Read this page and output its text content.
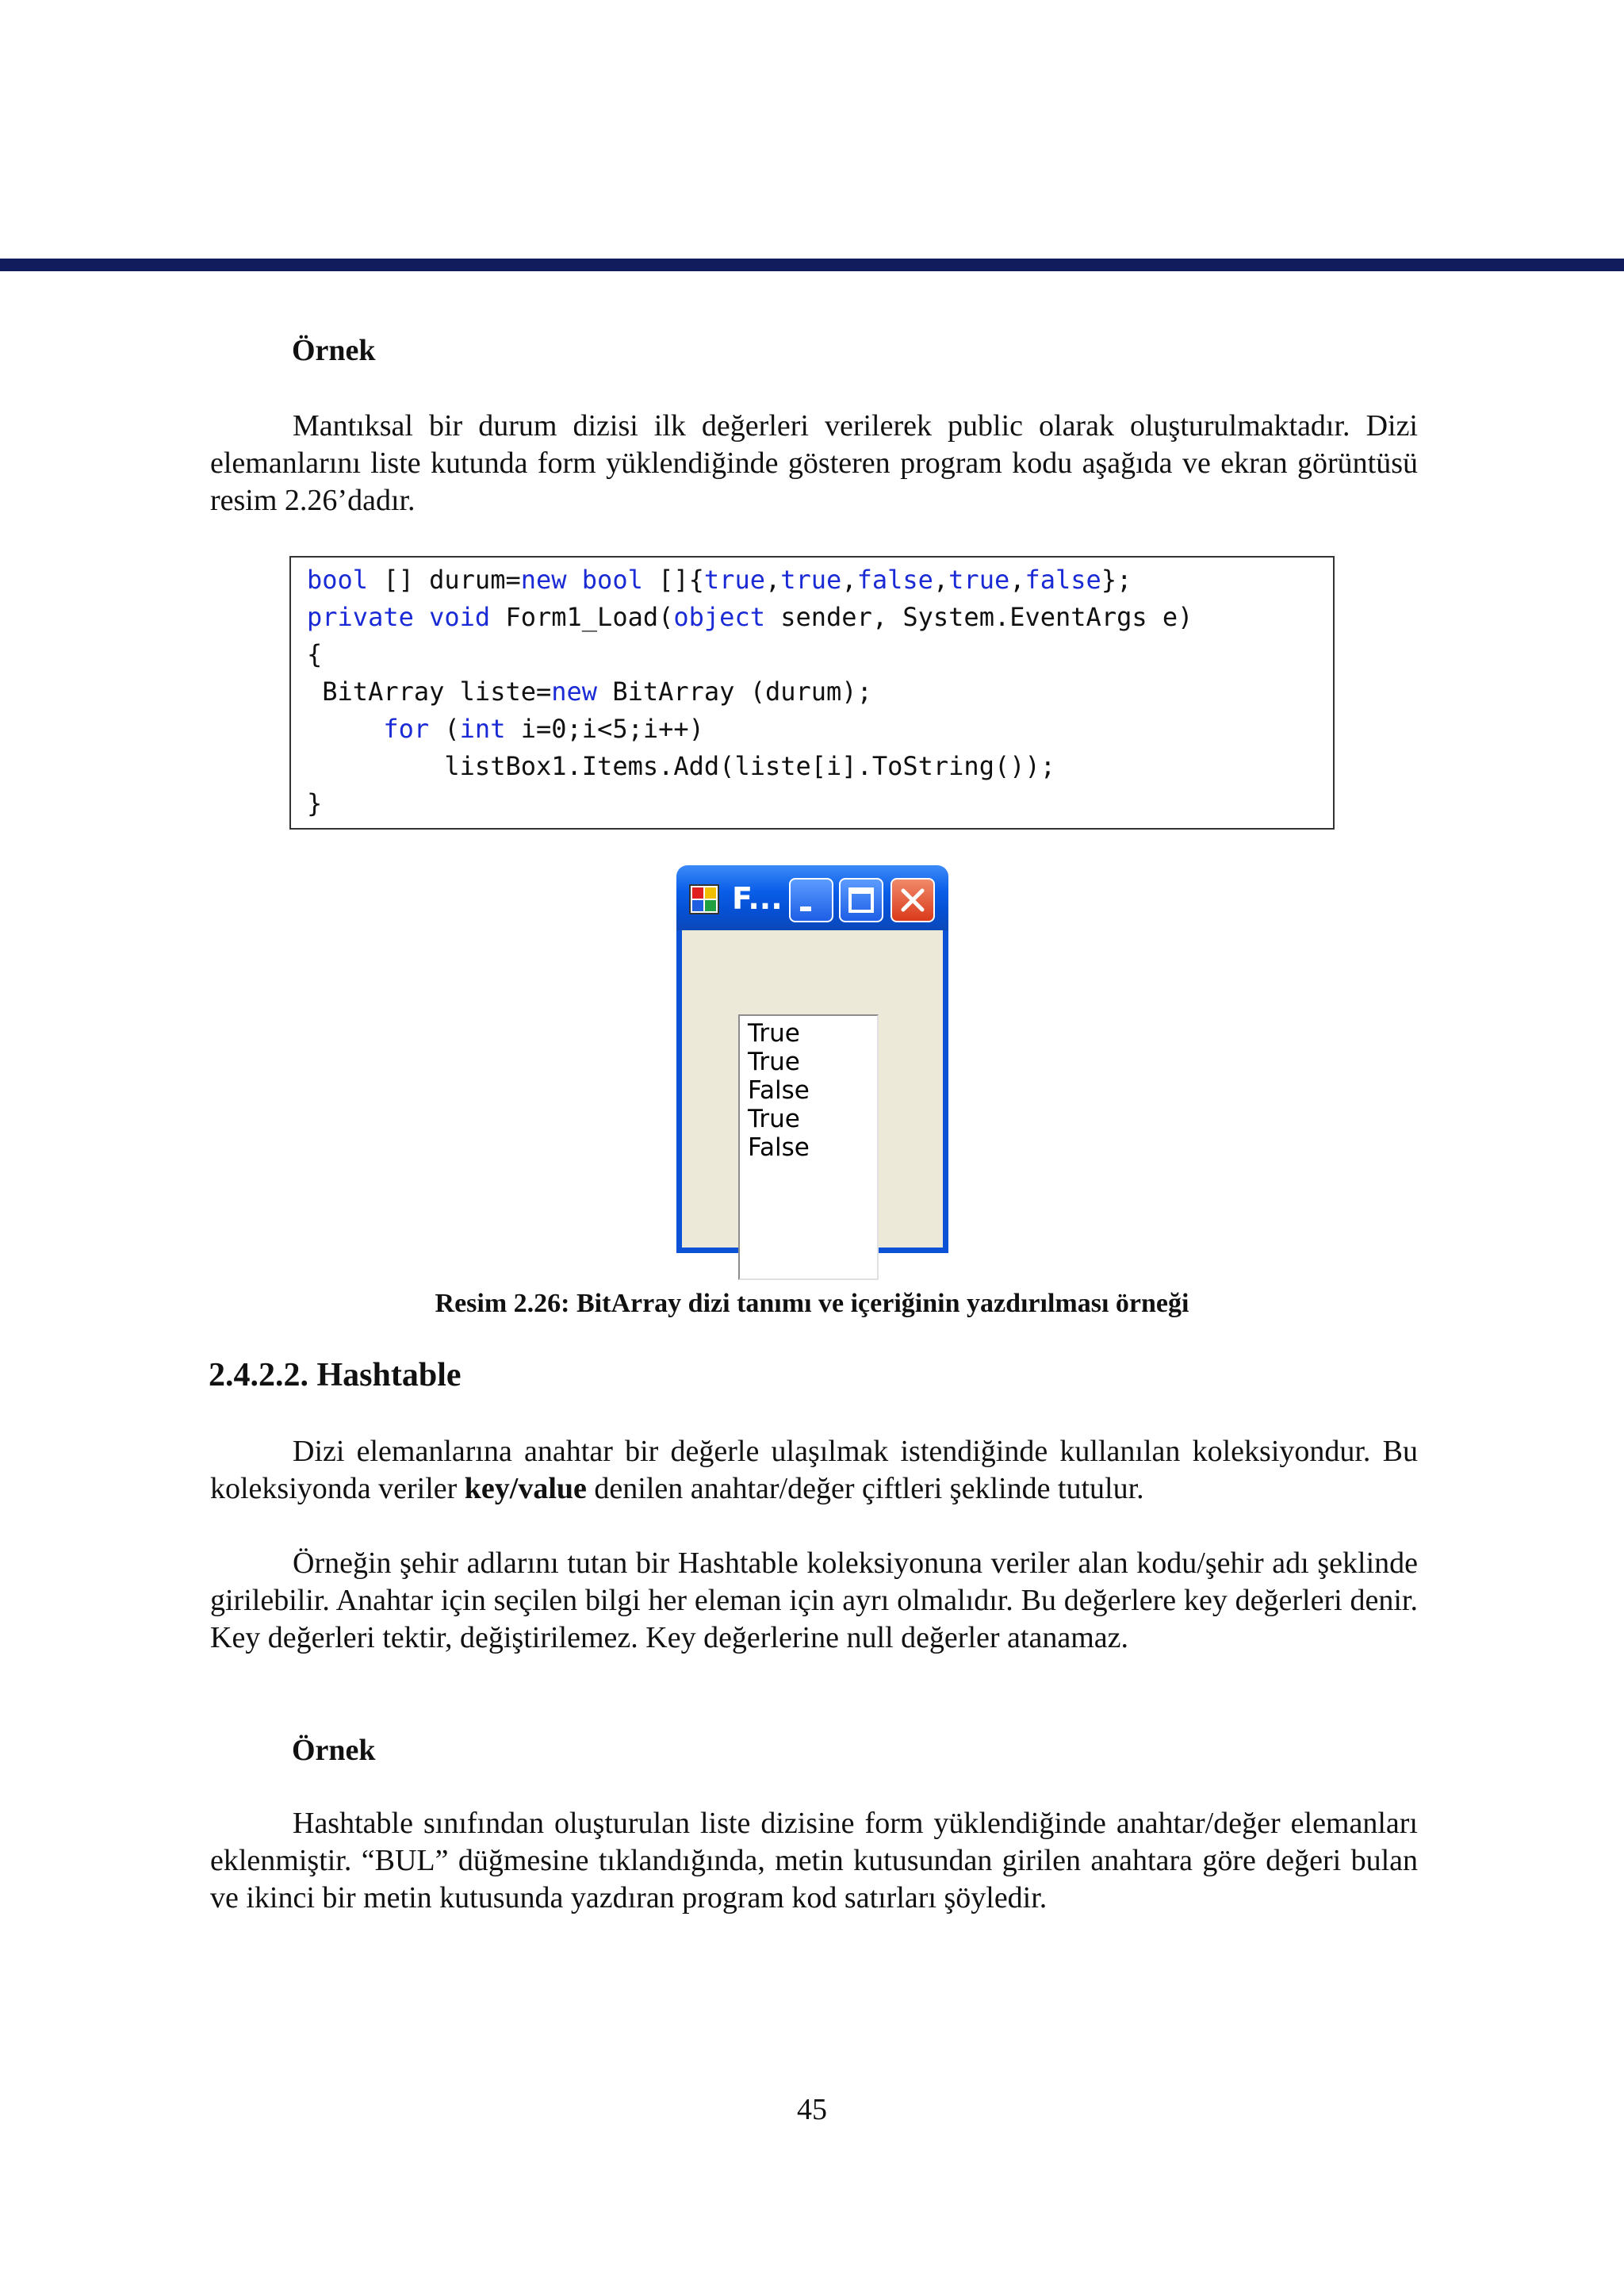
Örnek
Mantıksal bir durum dizisi ilk değerleri verilerek public olarak oluşturulmaktadır. Dizi elemanlarını liste kutunda form yüklendiğinde gösteren program kodu aşağıda ve ekran görüntüsü resim 2.26’dadır.
bool [] durum=new bool []{true,true,false,true,false};
private void Form1_Load(object sender, System.EventArgs e)
{
BitArray liste=new BitArray (durum);
for (int i=0;i<5;i++)
listBox1.Items.Add(liste[i].ToString());
}
F...
True
True
False
True
False
Resim 2.26: BitArray dizi tanımı ve içeriğinin yazdırılması örneği
2.4.2.2. Hashtable
Dizi elemanlarına anahtar bir değerle ulaşılmak istendiğinde kullanılan koleksiyondur. Bu koleksiyonda veriler key/value denilen anahtar/değer çiftleri şeklinde tutulur.
Örneğin şehir adlarını tutan bir Hashtable koleksiyonuna veriler alan kodu/şehir adı şeklinde girilebilir. Anahtar için seçilen bilgi her eleman için ayrı olmalıdır. Bu değerlere key değerleri denir. Key değerleri tektir, değiştirilemez. Key değerlerine null değerler atanamaz.
Örnek
Hashtable sınıfından oluşturulan liste dizisine form yüklendiğinde anahtar/değer elemanları eklenmiştir. “BUL” düğmesine tıklandığında, metin kutusundan girilen anahtara göre değeri bulan ve ikinci bir metin kutusunda yazdıran program kod satırları şöyledir.
45
